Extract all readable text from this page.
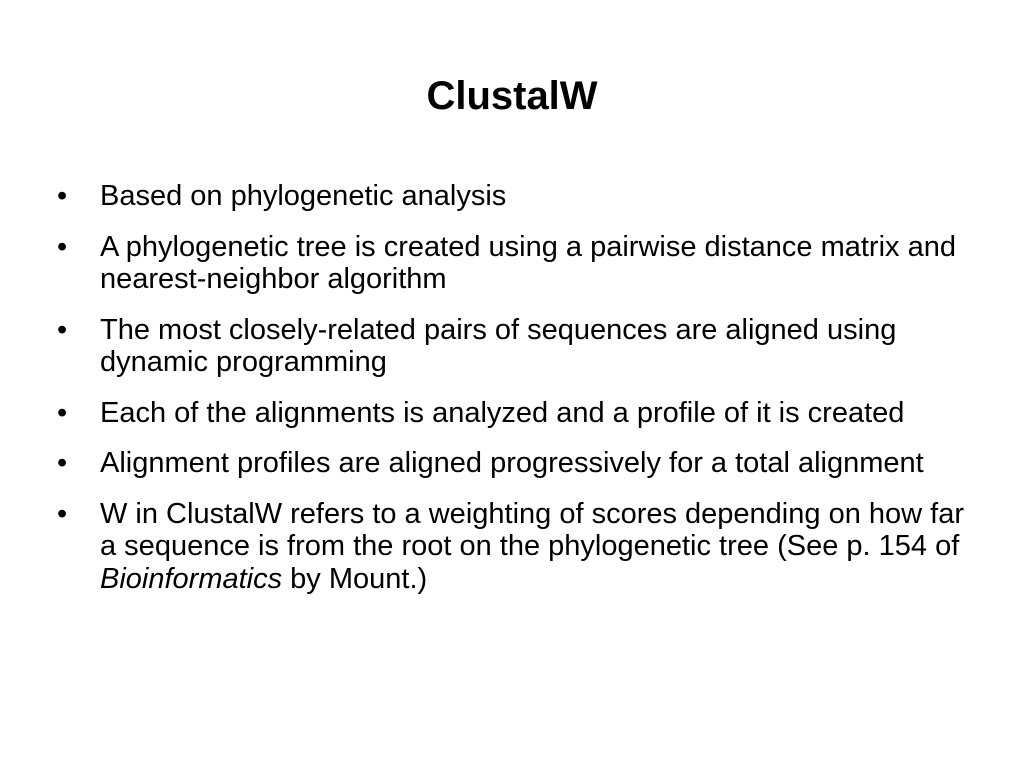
ClustalW
•	Based on phylogenetic analysis
•	A phylogenetic tree is created using a pairwise distance matrix and nearest-neighbor algorithm
•	The most closely-related pairs of sequences are aligned using dynamic programming
•	Each of the alignments is analyzed and a profile of it is created
•	Alignment profiles are aligned progressively for a total alignment
•	W in ClustalW refers to a weighting of scores depending on how far a sequence is from the root on the phylogenetic tree (See p. 154 of Bioinformatics by Mount.)
